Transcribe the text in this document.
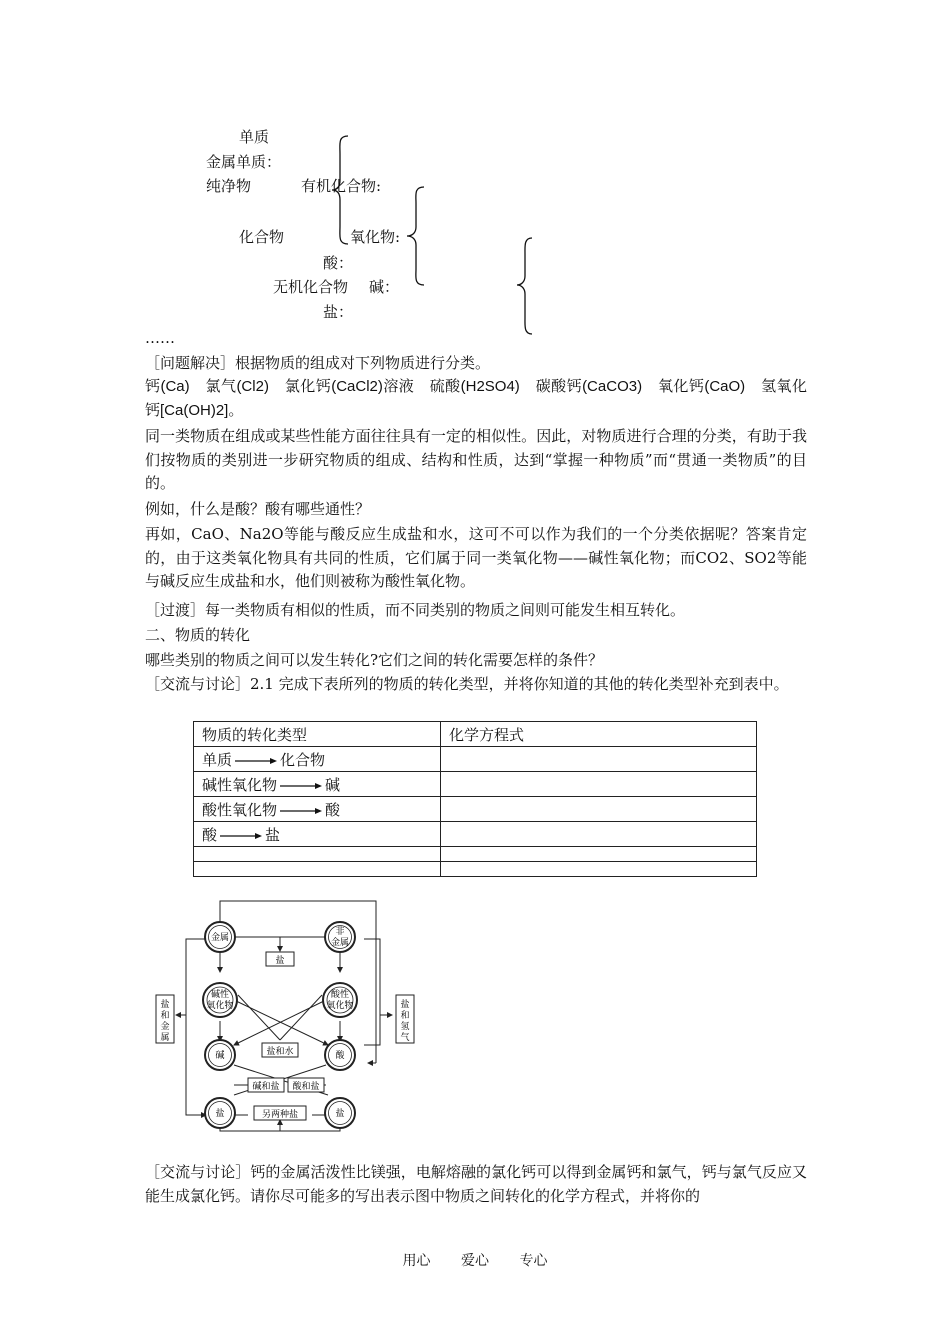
单质
金属单质：
纯净物	有机化合物:
化合物	氧化物:
酸：
无机化合物 碱：
盐：
……
［问题解决］根据物质的组成对下列物质进行分类。
钙(Ca)　氯气(Cl2)　氯化钙(CaCl2)溶液　硫酸(H2SO4)　碳酸钙(CaCO3)　氧化钙(CaO)　氢氧化钙[Ca(OH)2]。
同一类物质在组成或某些性能方面往往具有一定的相似性。因此，对物质进行合理的分类，有助于我们按物质的类别进一步研究物质的组成、结构和性质，达到“掌握一种物质”而“贯通一类物质”的目的。
例如，什么是酸？酸有哪些通性？
再如，CaO、Na2O等能与酸反应生成盐和水，这可不可以作为我们的一个分类依据呢？答案肯定的，由于这类氧化物具有共同的性质，它们属于同一类氧化物——碱性氧化物；而CO2、SO2等能与碱反应生成盐和水，他们则被称为酸性氧化物。
［过渡］每一类物质有相似的性质，而不同类别的物质之间则可能发生相互转化。
二、物质的转化
哪些类别的物质之间可以发生转化?它们之间的转化需要怎样的条件？
［交流与讨论］2.1 完成下表所列的物质的转化类型，并将你知道的其他的转化类型补充到表中。
物质的转化类型	化学方程式
单质 化合物	
碱性氧化物 碱	
酸性氧化物 酸	
酸 盐	

金属
非
金属
碱性
氧化物
酸性
氧化物
碱	酸
盐	盐
盐
盐和水
碱和盐 酸和盐
另两种盐
盐
和
金
属
盐
和
氢
气
［交流与讨论］钙的金属活泼性比镁强，电解熔融的氯化钙可以得到金属钙和氯气，钙与氯气反应又能生成氯化钙。请你尽可能多的写出表示图中物质之间转化的化学方程式，并将你的
用心 爱心 专心
